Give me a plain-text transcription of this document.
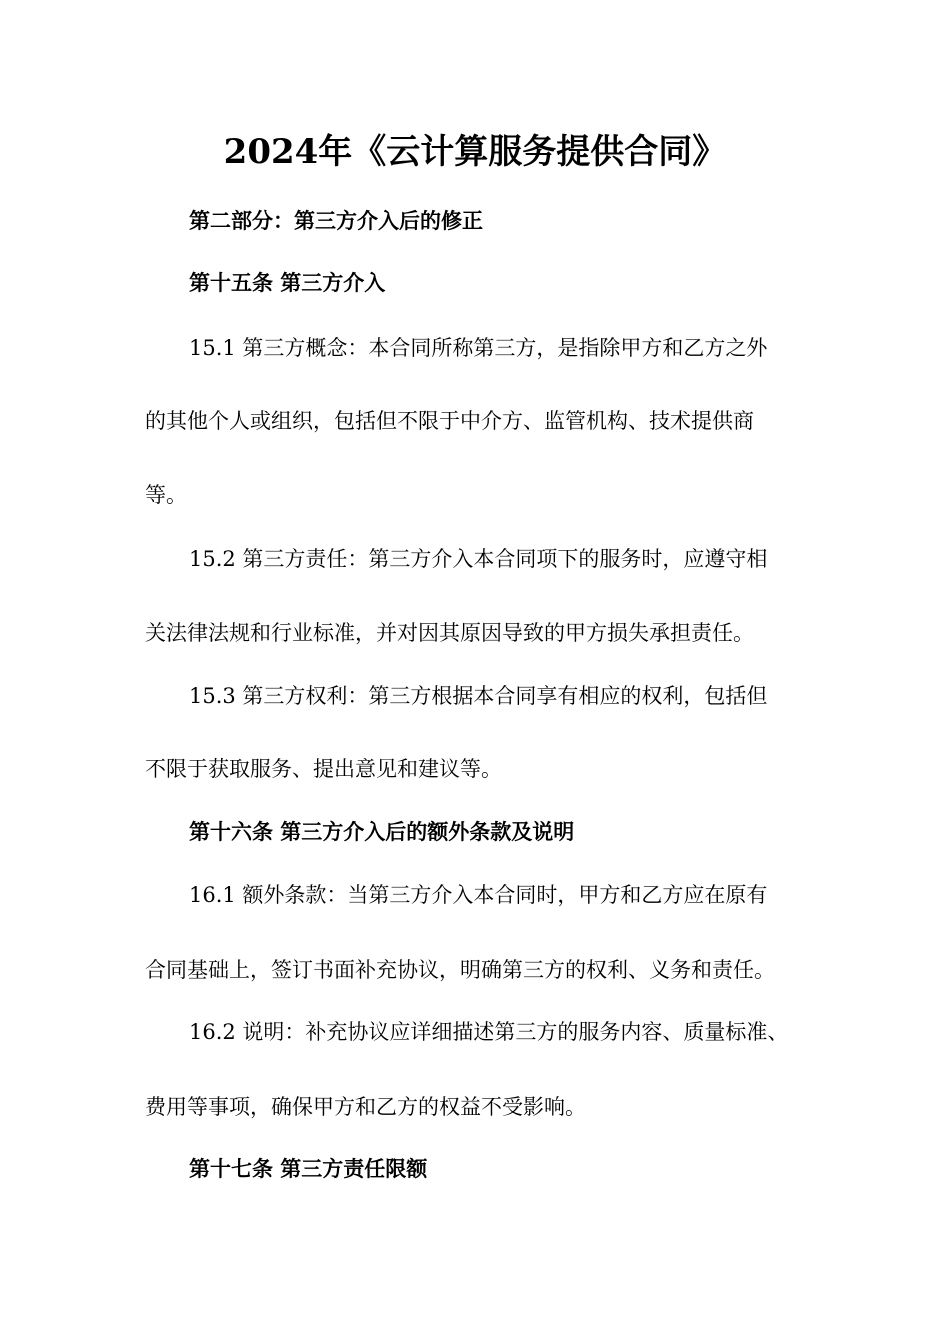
2024年《云计算服务提供合同》
第二部分：第三方介入后的修正
第十五条 第三方介入
15.1 第三方概念：本合同所称第三方，是指除甲方和乙方之外
的其他个人或组织，包括但不限于中介方、监管机构、技术提供商
等。
15.2 第三方责任：第三方介入本合同项下的服务时，应遵守相
关法律法规和行业标准，并对因其原因导致的甲方损失承担责任。
15.3 第三方权利：第三方根据本合同享有相应的权利，包括但
不限于获取服务、提出意见和建议等。
第十六条 第三方介入后的额外条款及说明
16.1 额外条款：当第三方介入本合同时，甲方和乙方应在原有
合同基础上，签订书面补充协议，明确第三方的权利、义务和责任。
16.2 说明：补充协议应详细描述第三方的服务内容、质量标准、
费用等事项，确保甲方和乙方的权益不受影响。
第十七条 第三方责任限额
